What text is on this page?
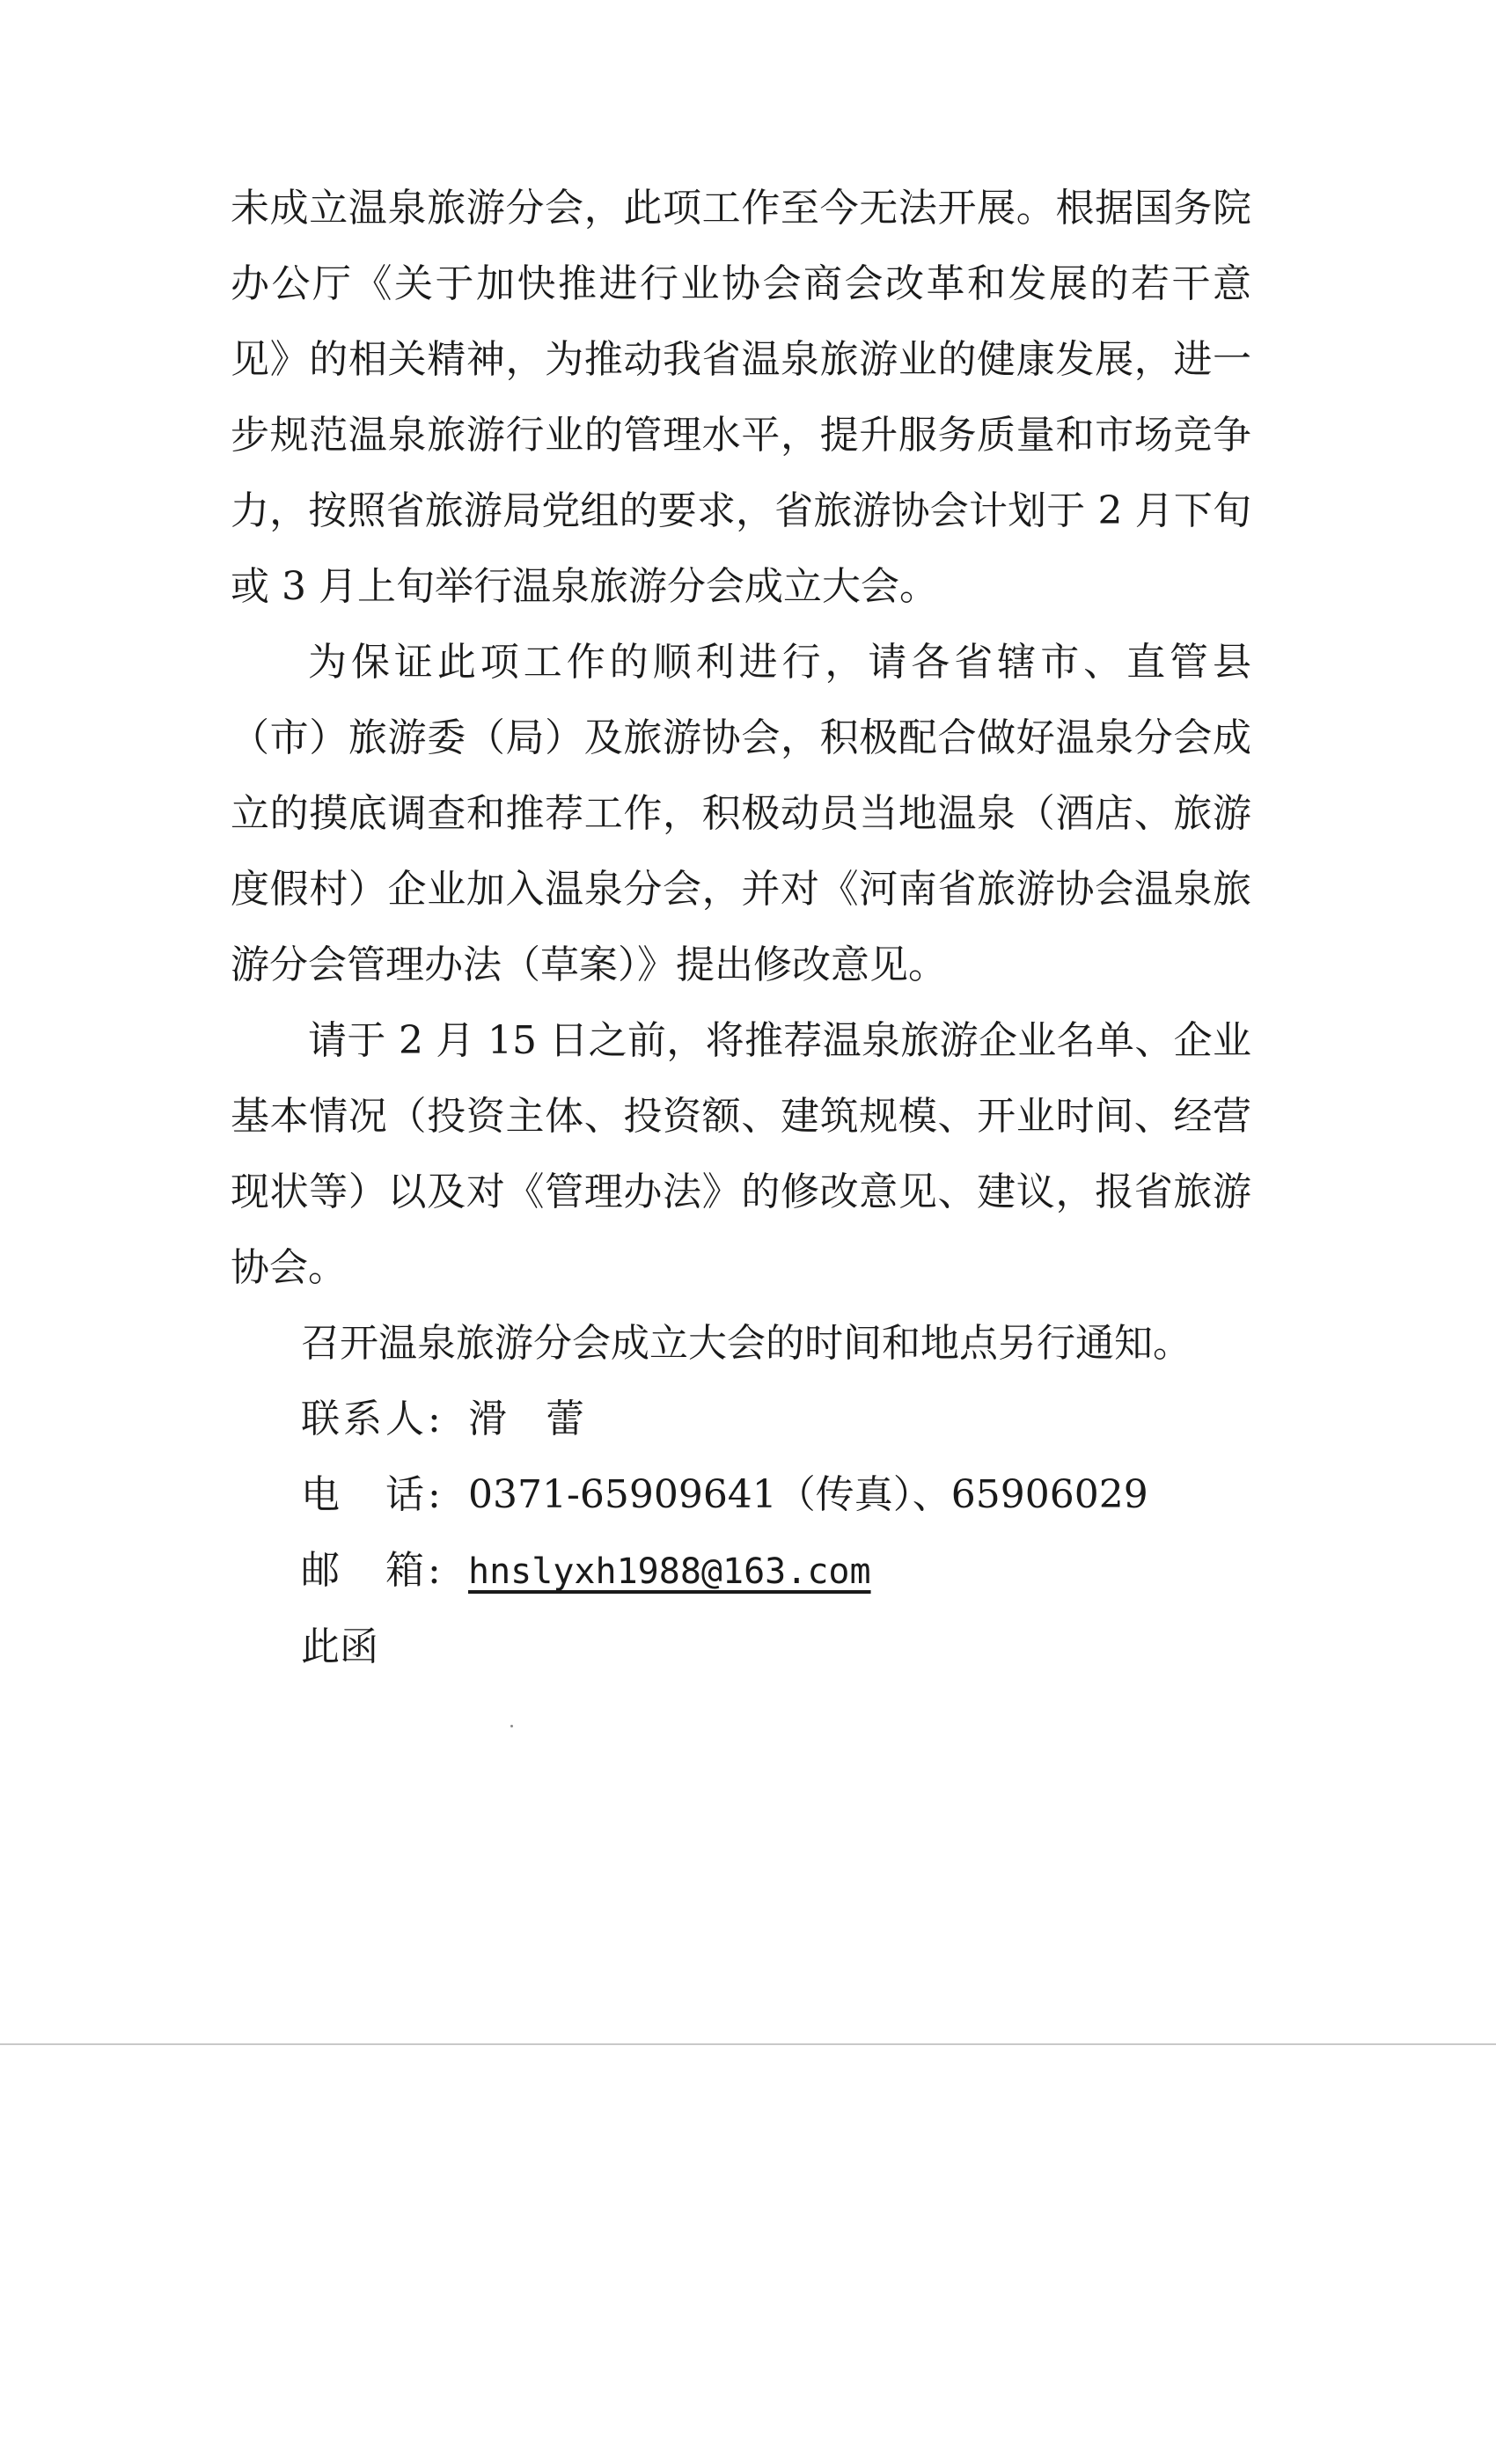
未成立温泉旅游分会，此项工作至今无法开展。根据国务院办公厅《关于加快推进行业协会商会改革和发展的若干意见》的相关精神，为推动我省温泉旅游业的健康发展，进一步规范温泉旅游行业的管理水平，提升服务质量和市场竞争力，按照省旅游局党组的要求，省旅游协会计划于 2 月下旬或 3 月上旬举行温泉旅游分会成立大会。

为保证此项工作的顺利进行，请各省辖市、直管县（市）旅游委（局）及旅游协会，积极配合做好温泉分会成立的摸底调查和推荐工作，积极动员当地温泉（酒店、旅游度假村）企业加入温泉分会，并对《河南省旅游协会温泉旅游分会管理办法（草案）》提出修改意见。

请于 2 月 15 日之前，将推荐温泉旅游企业名单、企业基本情况（投资主体、投资额、建筑规模、开业时间、经营现状等）以及对《管理办法》的修改意见、建议，报省旅游协会。

召开温泉旅游分会成立大会的时间和地点另行通知。

联系人: 滑　蕾

电　话: 0371-65909641（传真）、65906029

邮　箱: hnslyxh1988@163.com

此函
